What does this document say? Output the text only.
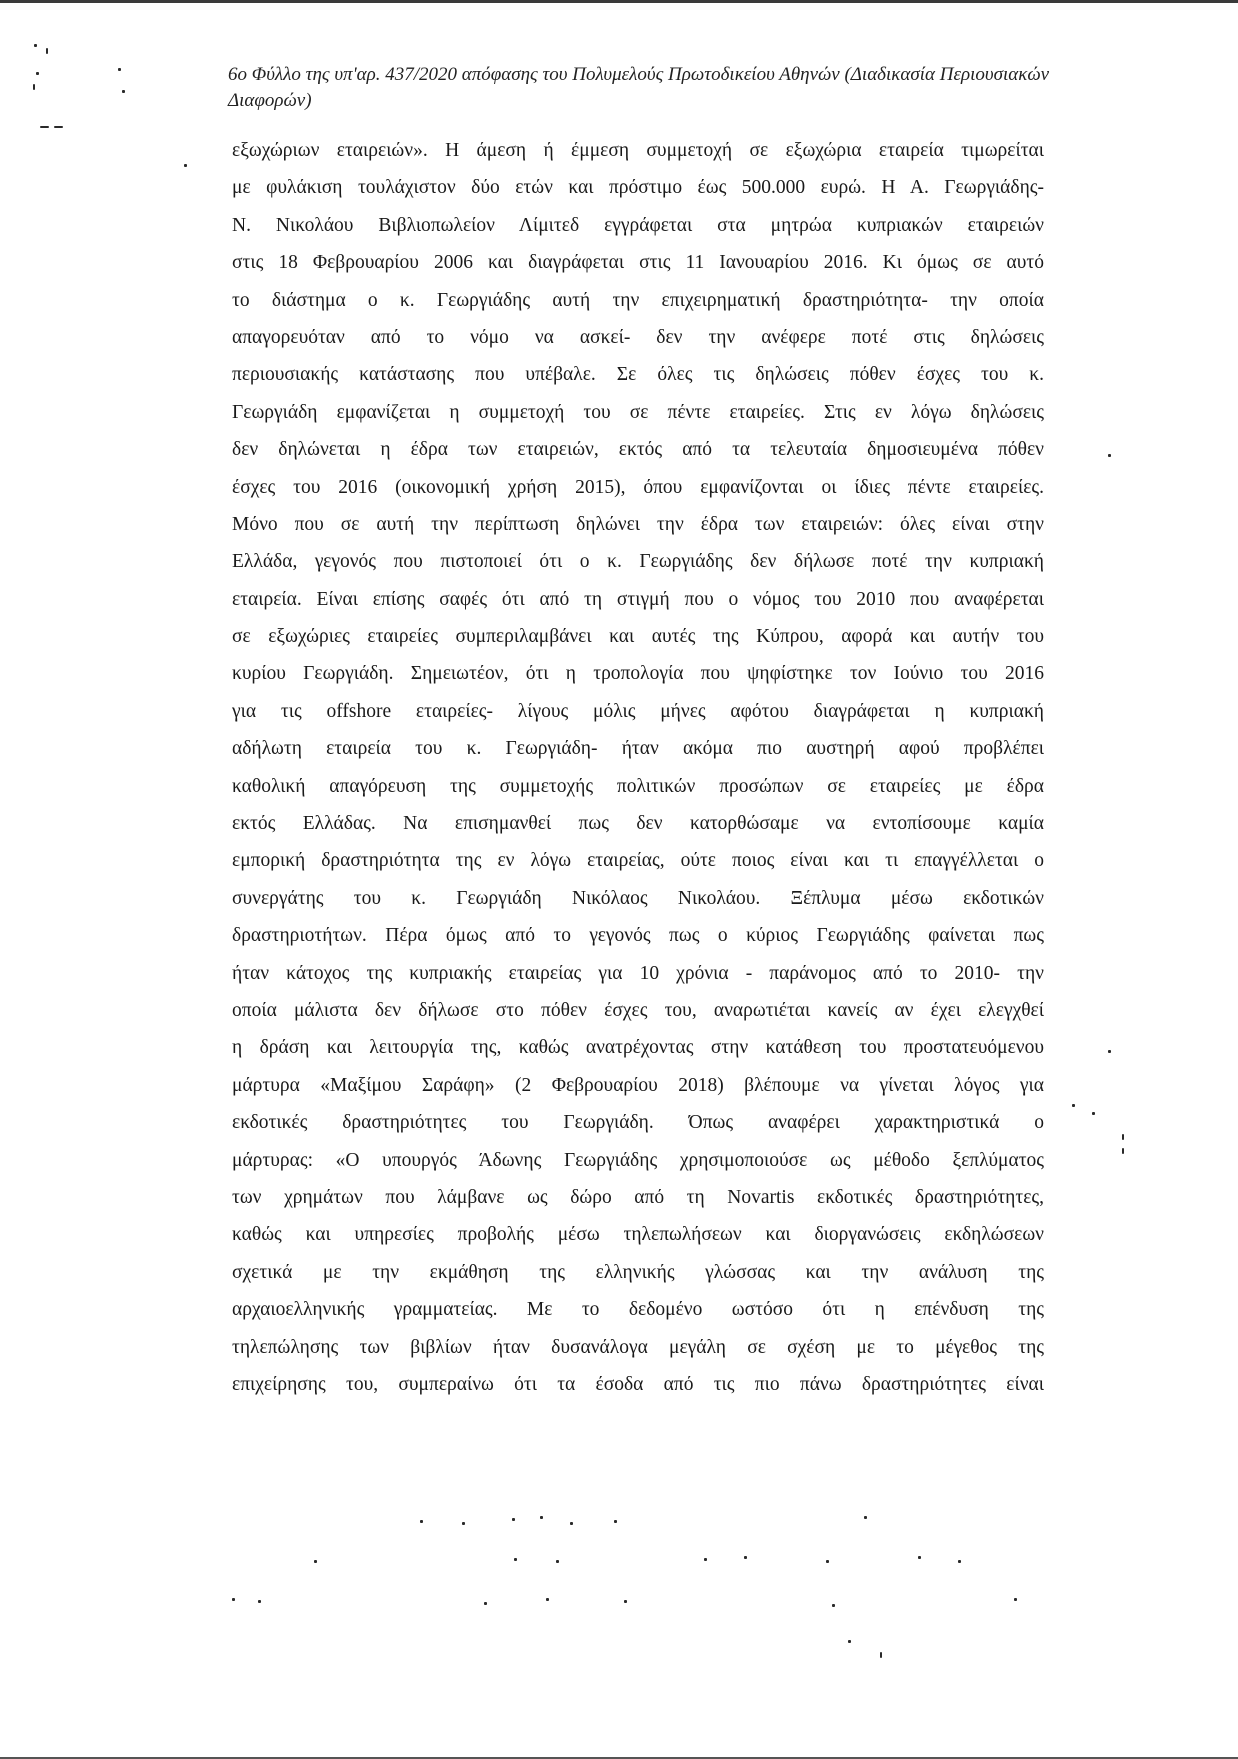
6ο Φύλλο της υπ'αρ. 437/2020 απόφασης του Πολυμελούς Πρωτοδικείου Αθηνών (Διαδικασία Περιουσιακών Διαφορών)
εξωχώριων εταιρειών». Η άμεση ή έμμεση συμμετοχή σε εξωχώρια εταιρεία τιμωρείται
με φυλάκιση τουλάχιστον δύο ετών και πρόστιμο έως 500.000 ευρώ. Η Α. Γεωργιάδης-
Ν. Νικολάου Βιβλιοπωλείον Λίμιτεδ εγγράφεται στα μητρώα κυπριακών εταιρειών
στις 18 Φεβρουαρίου 2006 και διαγράφεται στις 11 Ιανουαρίου 2016. Κι όμως σε αυτό
το διάστημα ο κ. Γεωργιάδης αυτή την επιχειρηματική δραστηριότητα- την οποία
απαγορευόταν από το νόμο να ασκεί- δεν την ανέφερε ποτέ στις δηλώσεις
περιουσιακής κατάστασης που υπέβαλε. Σε όλες τις δηλώσεις πόθεν έσχες του κ.
Γεωργιάδη εμφανίζεται η συμμετοχή του σε πέντε εταιρείες. Στις εν λόγω δηλώσεις
δεν δηλώνεται η έδρα των εταιρειών, εκτός από τα τελευταία δημοσιευμένα πόθεν
έσχες του 2016 (οικονομική χρήση 2015), όπου εμφανίζονται οι ίδιες πέντε εταιρείες.
Μόνο που σε αυτή την περίπτωση δηλώνει την έδρα των εταιρειών: όλες είναι στην
Ελλάδα, γεγονός που πιστοποιεί ότι ο κ. Γεωργιάδης δεν δήλωσε ποτέ την κυπριακή
εταιρεία. Είναι επίσης σαφές ότι από τη στιγμή που ο νόμος του 2010 που αναφέρεται
σε εξωχώριες εταιρείες συμπεριλαμβάνει και αυτές της Κύπρου, αφορά και αυτήν του
κυρίου Γεωργιάδη. Σημειωτέον, ότι η τροπολογία που ψηφίστηκε τον Ιούνιο του 2016
για τις offshore εταιρείες- λίγους μόλις μήνες αφότου διαγράφεται η κυπριακή
αδήλωτη εταιρεία του κ. Γεωργιάδη- ήταν ακόμα πιο αυστηρή αφού προβλέπει
καθολική απαγόρευση της συμμετοχής πολιτικών προσώπων σε εταιρείες με έδρα
εκτός Ελλάδας. Να επισημανθεί πως δεν κατορθώσαμε να εντοπίσουμε καμία
εμπορική δραστηριότητα της εν λόγω εταιρείας, ούτε ποιος είναι και τι επαγγέλλεται ο
συνεργάτης του κ. Γεωργιάδη Νικόλαος Νικολάου. Ξέπλυμα μέσω εκδοτικών
δραστηριοτήτων. Πέρα όμως από το γεγονός πως ο κύριος Γεωργιάδης φαίνεται πως
ήταν κάτοχος της κυπριακής εταιρείας για 10 χρόνια - παράνομος από το 2010- την
οποία μάλιστα δεν δήλωσε στο πόθεν έσχες του, αναρωτιέται κανείς αν έχει ελεγχθεί
η δράση και λειτουργία της, καθώς ανατρέχοντας στην κατάθεση του προστατευόμενου
μάρτυρα «Μαξίμου Σαράφη» (2 Φεβρουαρίου 2018) βλέπουμε να γίνεται λόγος για
εκδοτικές δραστηριότητες του Γεωργιάδη. Όπως αναφέρει χαρακτηριστικά ο
μάρτυρας: «Ο υπουργός Άδωνης Γεωργιάδης χρησιμοποιούσε ως μέθοδο ξεπλύματος
των χρημάτων που λάμβανε ως δώρο από τη Novartis εκδοτικές δραστηριότητες,
καθώς και υπηρεσίες προβολής μέσω τηλεπωλήσεων και διοργανώσεις εκδηλώσεων
σχετικά με την εκμάθηση της ελληνικής γλώσσας και την ανάλυση της
αρχαιοελληνικής γραμματείας. Με το δεδομένο ωστόσο ότι η επένδυση της
τηλεπώλησης των βιβλίων ήταν δυσανάλογα μεγάλη σε σχέση με το μέγεθος της
επιχείρησης του, συμπεραίνω ότι τα έσοδα από τις πιο πάνω δραστηριότητες είναι
